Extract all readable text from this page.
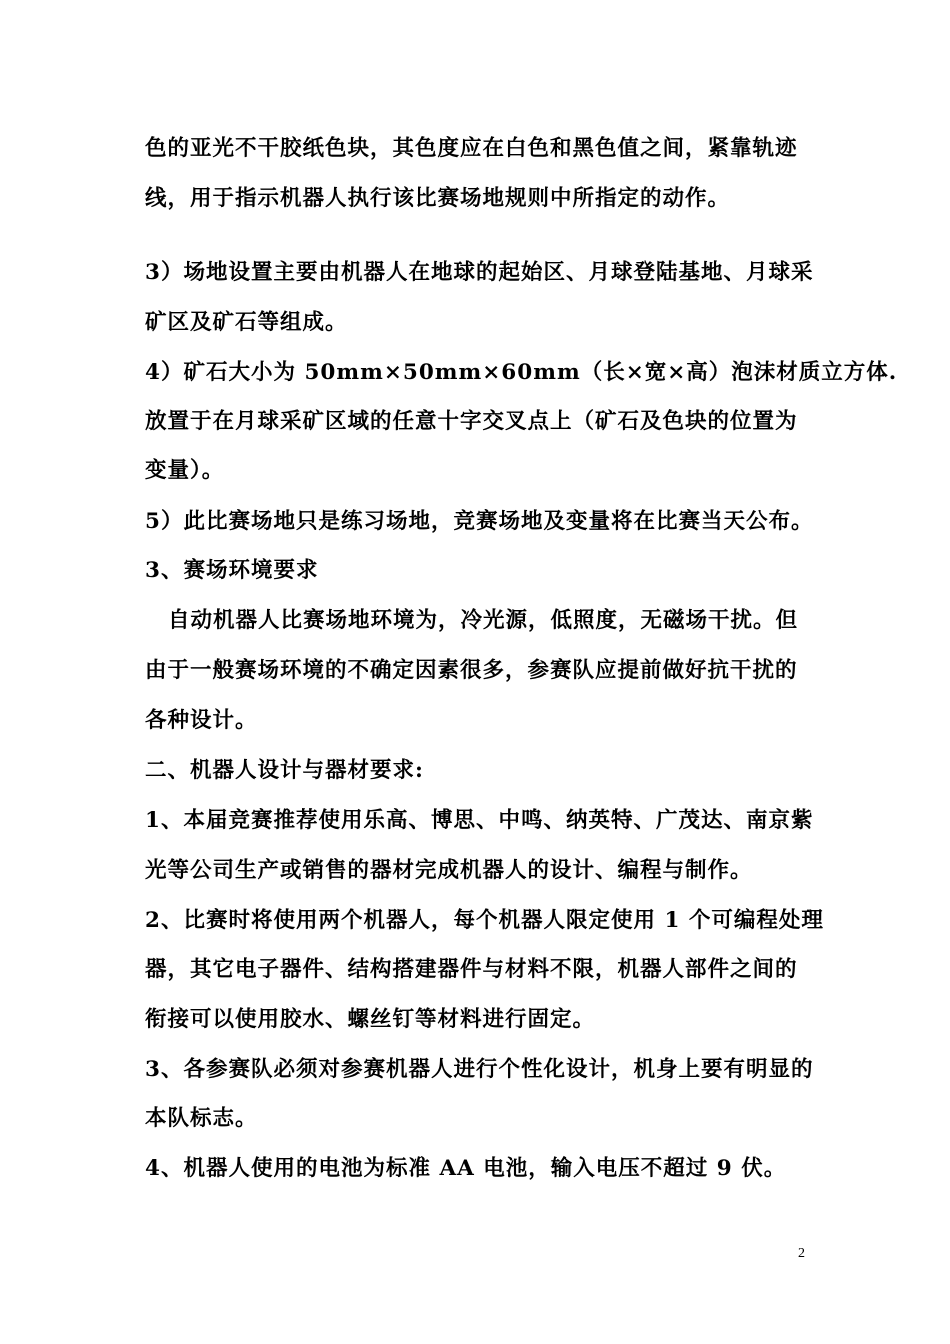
色的亚光不干胶纸色块，其色度应在白色和黑色值之间，紧靠轨迹
线，用于指示机器人执行该比赛场地规则中所指定的动作。
3）场地设置主要由机器人在地球的起始区、月球登陆基地、月球采
矿区及矿石等组成。
4）矿石大小为 50mm×50mm×60mm（长×宽×高）泡沫材质立方体.
放置于在月球采矿区域的任意十字交叉点上（矿石及色块的位置为
变量）。
5）此比赛场地只是练习场地，竞赛场地及变量将在比赛当天公布。
3、赛场环境要求
自动机器人比赛场地环境为，冷光源，低照度，无磁场干扰。但
由于一般赛场环境的不确定因素很多，参赛队应提前做好抗干扰的
各种设计。
二、机器人设计与器材要求:
1、本届竞赛推荐使用乐高、博思、中鸣、纳英特、广茂达、南京紫
光等公司生产或销售的器材完成机器人的设计、编程与制作。
2、比赛时将使用两个机器人，每个机器人限定使用 1 个可编程处理
器，其它电子器件、结构搭建器件与材料不限，机器人部件之间的
衔接可以使用胶水、螺丝钉等材料进行固定。
3、各参赛队必须对参赛机器人进行个性化设计，机身上要有明显的
本队标志。
4、机器人使用的电池为标准 AA 电池，输入电压不超过 9 伏。
2
